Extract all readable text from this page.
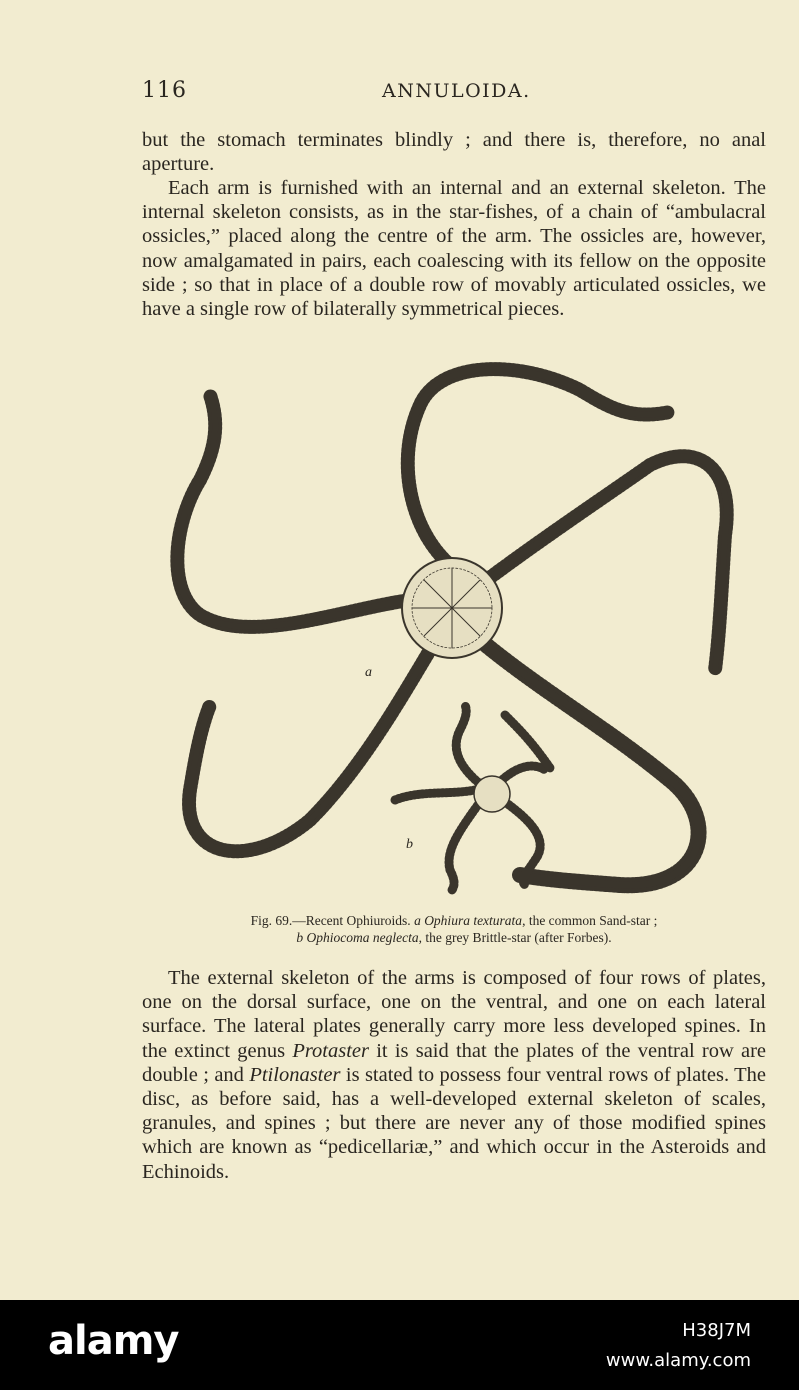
116	ANNULOIDA.

but the stomach terminates blindly ; and there is, therefore, no anal aperture.

Each arm is furnished with an internal and an external skeleton. The internal skeleton consists, as in the star-fishes, of a chain of “ambulacral ossicles,” placed along the centre of the arm. The ossicles are, however, now amalgamated in pairs, each coalescing with its fellow on the opposite side ; so that in place of a double row of movably articulated ossicles, we have a single row of bilaterally symmetrical pieces.

a
b
Fig. 69.—Recent Ophiuroids. a Ophiura texturata, the common Sand-star ;
b Ophiocoma neglecta, the grey Brittle-star (after Forbes).

The external skeleton of the arms is composed of four rows of plates, one on the dorsal surface, one on the ventral, and one on each lateral surface. The lateral plates generally carry more less developed spines. In the extinct genus Protaster it is said that the plates of the ventral row are double ; and Ptilonaster is stated to possess four ventral rows of plates. The disc, as before said, has a well-developed external skeleton of scales, granules, and spines ; but there are never any of those modified spines which are known as “pedicellariæ,” and which occur in the Asteroids and Echinoids.

alamy	H38J7M
www.alamy.com
